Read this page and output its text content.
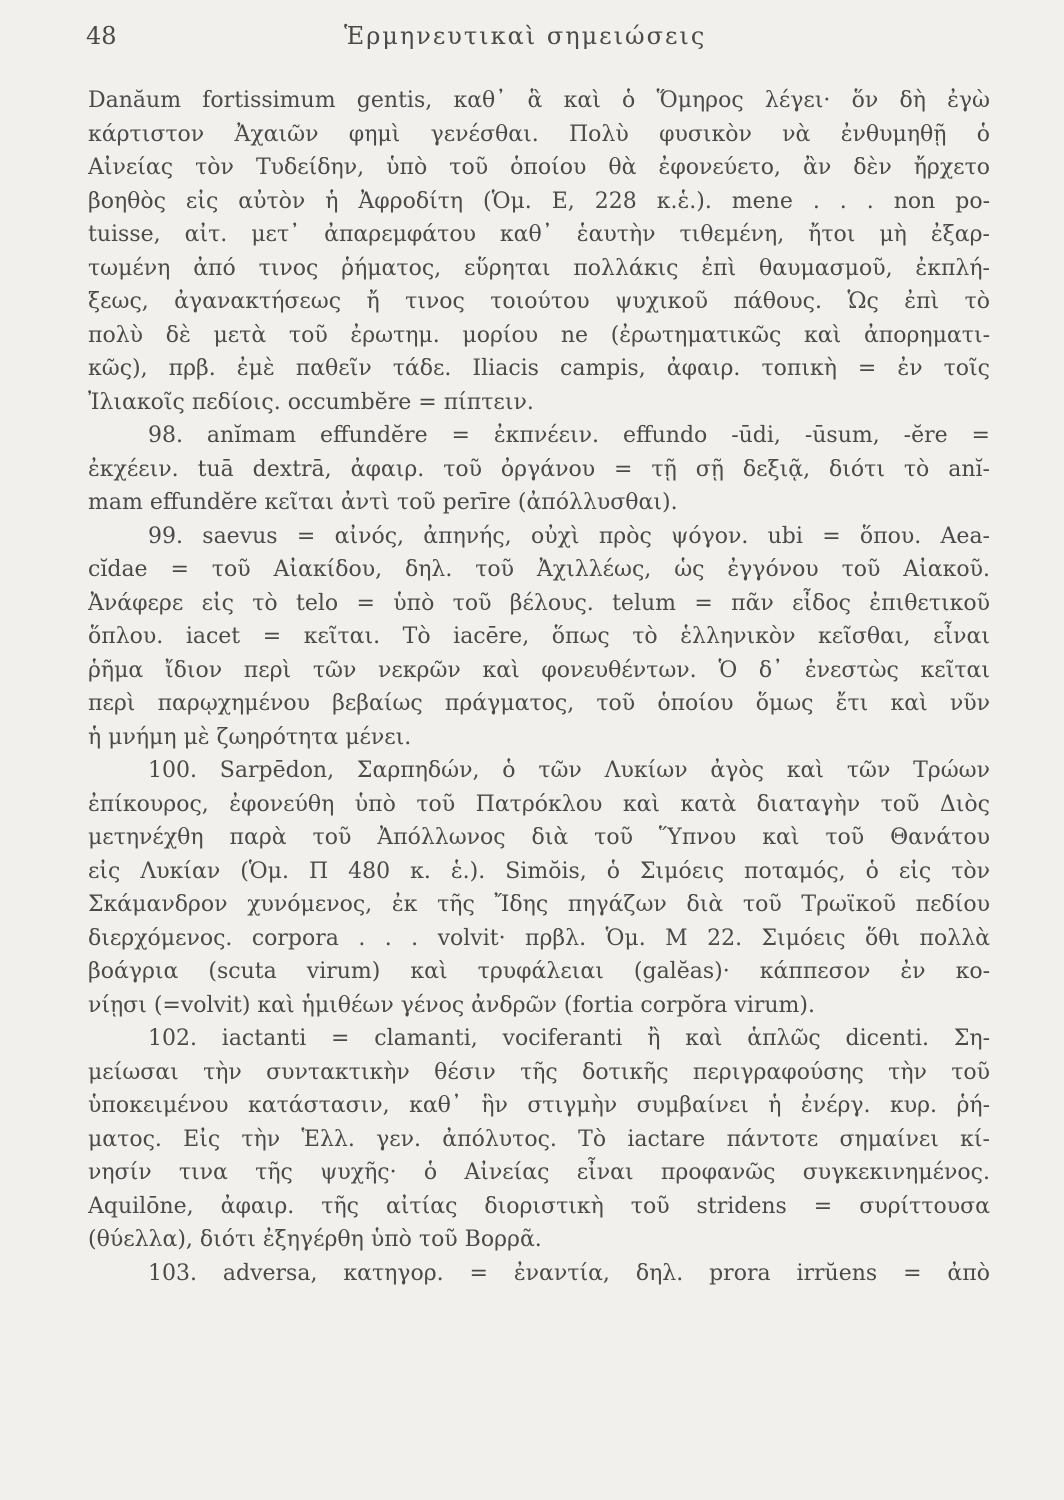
48	Ἑρμηνευτικαὶ σημειώσεις
Danăum fortissimum gentis, καθ᾽ ἃ καὶ ὁ Ὅμηρος λέγει· ὅν δὴ ἐγὼ
κάρτιστον Ἀχαιῶν φημὶ γενέσθαι. Πολὺ φυσικὸν νὰ ἐνθυμηθῇ ὁ
Αἰνείας τὸν Τυδείδην, ὑπὸ τοῦ ὁποίου θὰ ἐφονεύετο, ἂν δὲν ἤρχετο
βοηθὸς εἰς αὐτὸν ἡ Ἀφροδίτη (Ὁμ. Ε, 228 κ.ἑ.). mene . . . non po-
tuisse, αἰτ. μετ᾽ ἀπαρεμφάτου καθ᾽ ἑαυτὴν τιθεμένη, ἤτοι μὴ ἐξαρ-
τωμένη ἀπό τινος ῥήματος, εὕρηται πολλάκις ἐπὶ θαυμασμοῦ, ἐκπλή-
ξεως, ἀγανακτήσεως ἤ τινος τοιούτου ψυχικοῦ πάθους. Ὡς ἐπὶ τὸ
πολὺ δὲ μετὰ τοῦ ἐρωτημ. μορίου ne (ἐρωτηματικῶς καὶ ἀπορηματι-
κῶς), πρβ. ἐμὲ παθεῖν τάδε. Iliacis campis, ἀφαιρ. τοπικὴ = ἐν τοῖς
Ἰλιακοῖς πεδίοις. occumbĕre = πίπτειν.
98. anĭmam effundĕre = ἐκπνέειν. effundo -ūdi, -ūsum, -ĕre =
ἐκχέειν. tuā dextrā, ἀφαιρ. τοῦ ὀργάνου = τῇ σῇ δεξιᾷ, διότι τὸ anĭ-
mam effundĕre κεῖται ἀντὶ τοῦ perīre (ἀπόλλυσθαι).
99. saevus = αἰνός, ἀπηνής, οὐχὶ πρὸς ψόγον. ubi = ὅπου. Aea-
cĭdae = τοῦ Αἰακίδου, δηλ. τοῦ Ἀχιλλέως, ὡς ἐγγόνου τοῦ Αἰακοῦ.
Ἀνάφερε εἰς τὸ telo = ὑπὸ τοῦ βέλους. telum = πᾶν εἶδος ἐπιθετικοῦ
ὅπλου. iacet = κεῖται. Τὸ iacēre, ὅπως τὸ ἑλληνικὸν κεῖσθαι, εἶναι
ῥῆμα ἴδιον περὶ τῶν νεκρῶν καὶ φονευθέντων. Ὁ δ᾽ ἐνεστὼς κεῖται
περὶ παρῳχημένου βεβαίως πράγματος, τοῦ ὁποίου ὅμως ἔτι καὶ νῦν
ἡ μνήμη μὲ ζωηρότητα μένει.
100. Sarpēdon, Σαρπηδών, ὁ τῶν Λυκίων ἀγὸς καὶ τῶν Τρώων
ἐπίκουρος, ἐφονεύθη ὑπὸ τοῦ Πατρόκλου καὶ κατὰ διαταγὴν τοῦ Διὸς
μετηνέχθη παρὰ τοῦ Ἀπόλλωνος διὰ τοῦ Ὕπνου καὶ τοῦ Θανάτου
εἰς Λυκίαν (Ὁμ. Π 480 κ. ἑ.). Simŏis, ὁ Σιμόεις ποταμός, ὁ εἰς τὸν
Σκάμανδρον χυνόμενος, ἐκ τῆς Ἴδης πηγάζων διὰ τοῦ Τρωϊκοῦ πεδίου
διερχόμενος. corpora . . . volvit· πρβλ. Ὁμ. Μ 22. Σιμόεις ὅθι πολλὰ
βοάγρια (scuta virum) καὶ τρυφάλειαι (galĕas)· κάππεσον ἐν κο-
νίῃσι (=volvit) καὶ ἡμιθέων γένος ἀνδρῶν (fortia corpŏra virum).
102. iactanti = clamanti, vociferanti ἢ καὶ ἁπλῶς dicenti. Ση-
μείωσαι τὴν συντακτικὴν θέσιν τῆς δοτικῆς περιγραφούσης τὴν τοῦ
ὑποκειμένου κατάστασιν, καθ᾽ ἣν στιγμὴν συμβαίνει ἡ ἐνέργ. κυρ. ῥή-
ματος. Εἰς τὴν Ἑλλ. γεν. ἀπόλυτος. Τὸ iactare πάντοτε σημαίνει κί-
νησίν τινα τῆς ψυχῆς· ὁ Αἰνείας εἶναι προφανῶς συγκεκινημένος.
Aquilōne, ἀφαιρ. τῆς αἰτίας διοριστικὴ τοῦ stridens = συρίττουσα
(θύελλα), διότι ἐξηγέρθη ὑπὸ τοῦ Βορρᾶ.
103. adversa, κατηγορ. = ἐναντία, δηλ. prora irrŭens = ἀπὸ
